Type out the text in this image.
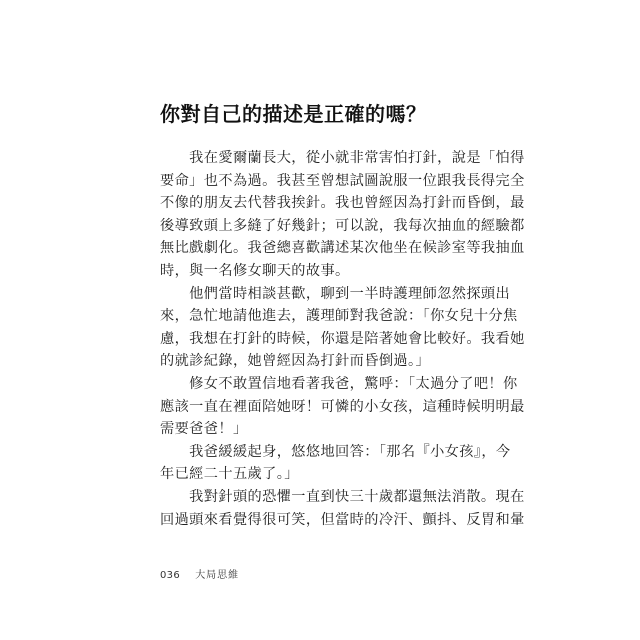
你對自己的描述是正確的嗎？
　　我在愛爾蘭長大，從小就非常害怕打針，說是「怕得
要命」也不為過。我甚至曾想試圖說服一位跟我長得完全
不像的朋友去代替我挨針。我也曾經因為打針而昏倒，最
後導致頭上多縫了好幾針；可以說，我每次抽血的經驗都
無比戲劇化。我爸總喜歡講述某次他坐在候診室等我抽血
時，與一名修女聊天的故事。
　　他們當時相談甚歡，聊到一半時護理師忽然探頭出
來，急忙地請他進去，護理師對我爸說：「你女兒十分焦
慮，我想在打針的時候，你還是陪著她會比較好。我看她
的就診紀錄，她曾經因為打針而昏倒過。」
　　修女不敢置信地看著我爸，驚呼：「太過分了吧！你
應該一直在裡面陪她呀！可憐的小女孩，這種時候明明最
需要爸爸！」
　　我爸緩緩起身，悠悠地回答：「那名『小女孩』，今
年已經二十五歲了。」
　　我對針頭的恐懼一直到快三十歲都還無法消散。現在
回過頭來看覺得很可笑，但當時的冷汗、顫抖、反胃和暈
036 大局思維
